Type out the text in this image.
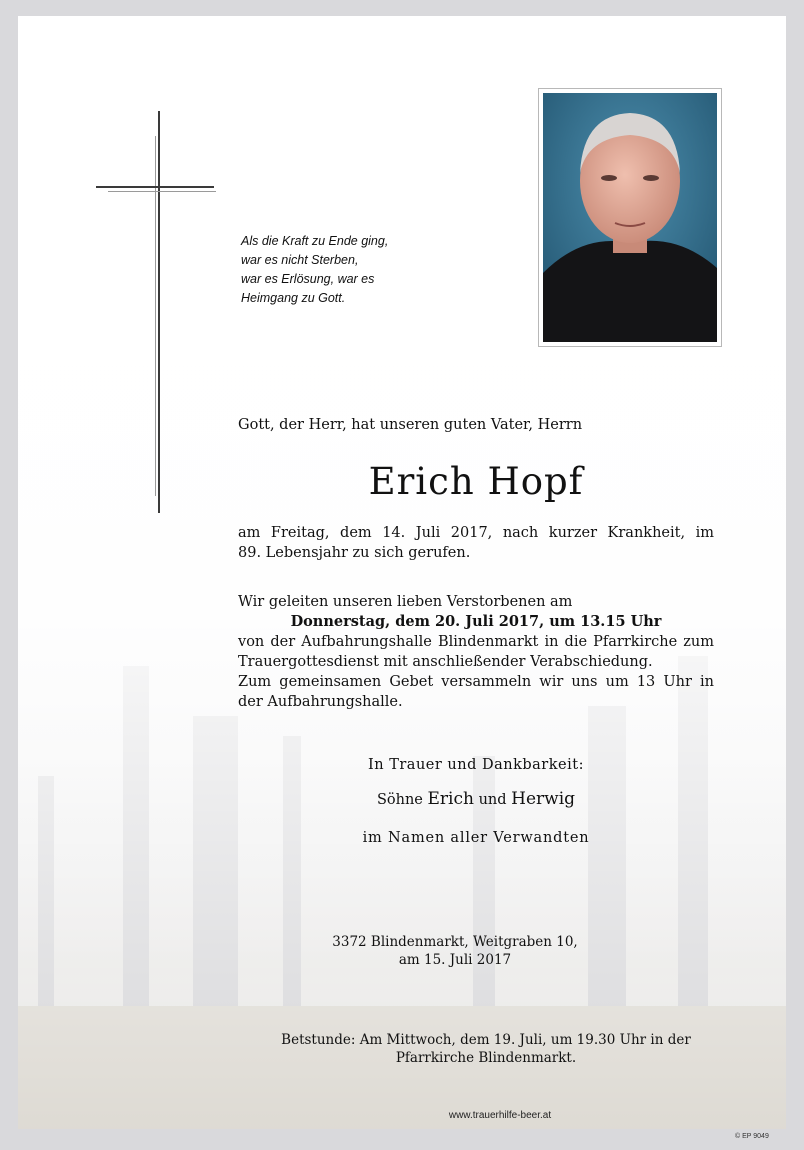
Als die Kraft zu Ende ging,
war es nicht Sterben,
war es Erlösung, war es
Heimgang zu Gott.
Gott, der Herr, hat unseren guten Vater, Herrn
Erich Hopf
am Freitag, dem 14. Juli 2017, nach kurzer Krankheit, im
89. Lebensjahr zu sich gerufen.
Wir geleiten unseren lieben Verstorbenen am
Donnerstag, dem 20. Juli 2017, um 13.15 Uhr
von der Aufbahrungshalle Blindenmarkt in die Pfarrkirche zum
Trauergottesdienst mit anschließender Verabschiedung.
Zum gemeinsamen Gebet versammeln wir uns um 13 Uhr in
der Aufbahrungshalle.
In Trauer und Dankbarkeit:
Söhne Erich und Herwig
im Namen aller Verwandten
3372 Blindenmarkt, Weitgraben 10,
am 15. Juli 2017
Betstunde: Am Mittwoch, dem 19. Juli, um 19.30 Uhr in der
Pfarrkirche Blindenmarkt.
www.trauerhilfe-beer.at
© EP 9049
